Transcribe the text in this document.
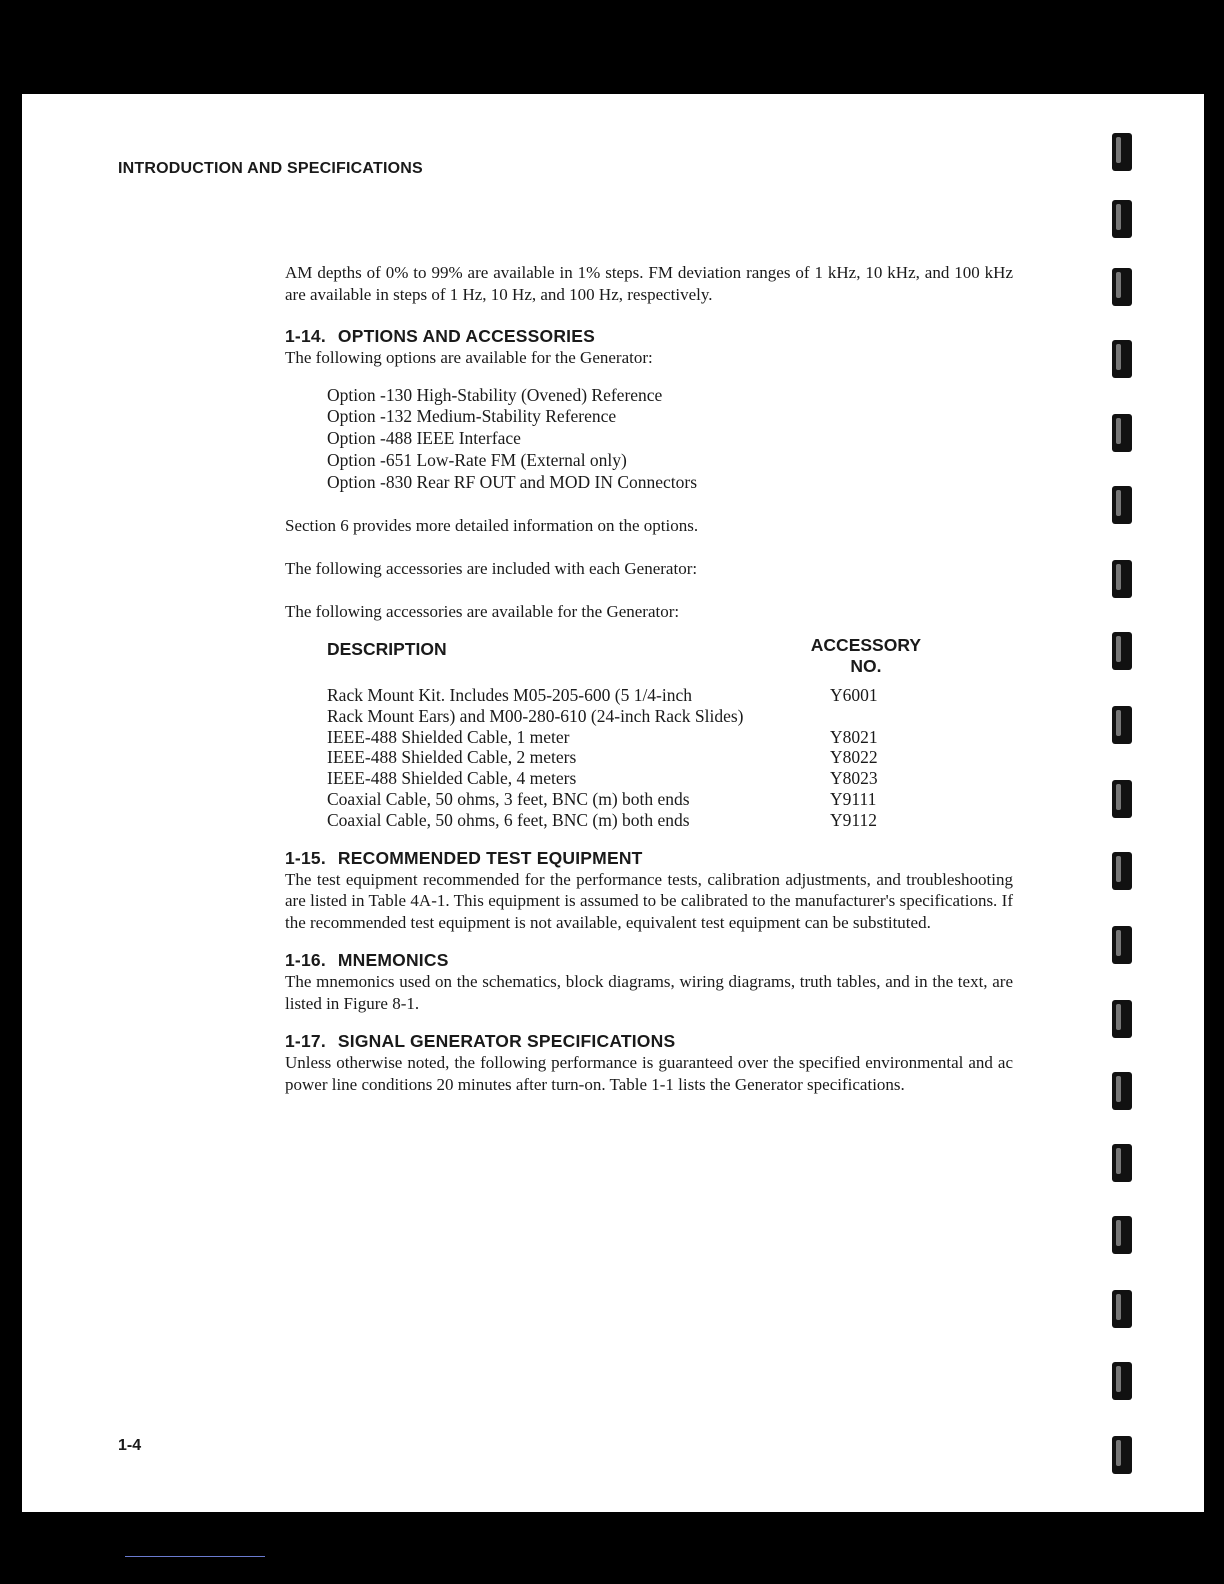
INTRODUCTION AND SPECIFICATIONS

AM depths of 0% to 99% are available in 1% steps. FM deviation ranges of 1 kHz, 10 kHz, and 100 kHz are available in steps of 1 Hz, 10 Hz, and 100 Hz, respectively.

1-14. OPTIONS AND ACCESSORIES

The following options are available for the Generator:

Option -130 High-Stability (Ovened) Reference
Option -132 Medium-Stability Reference
Option -488 IEEE Interface
Option -651 Low-Rate FM (External only)
Option -830 Rear RF OUT and MOD IN Connectors

Section 6 provides more detailed information on the options.

The following accessories are included with each Generator:

The following accessories are available for the Generator:

DESCRIPTION	ACCESSORY
NO.
Rack Mount Kit. Includes M05-205-600 (5 1/4-inch	Y6001
Rack Mount Ears) and M00-280-610 (24-inch Rack Slides)
IEEE-488 Shielded Cable, 1 meter	Y8021
IEEE-488 Shielded Cable, 2 meters	Y8022
IEEE-488 Shielded Cable, 4 meters	Y8023
Coaxial Cable, 50 ohms, 3 feet, BNC (m) both ends	Y9111
Coaxial Cable, 50 ohms, 6 feet, BNC (m) both ends	Y9112
1-15. RECOMMENDED TEST EQUIPMENT

The test equipment recommended for the performance tests, calibration adjustments, and troubleshooting are listed in Table 4A-1. This equipment is assumed to be calibrated to the manufacturer's specifications. If the recommended test equipment is not available, equivalent test equipment can be substituted.

1-16. MNEMONICS

The mnemonics used on the schematics, block diagrams, wiring diagrams, truth tables, and in the text, are listed in Figure 8-1.

1-17. SIGNAL GENERATOR SPECIFICATIONS

Unless otherwise noted, the following performance is guaranteed over the specified environmental and ac power line conditions 20 minutes after turn-on. Table 1-1 lists the Generator specifications.

1-4
